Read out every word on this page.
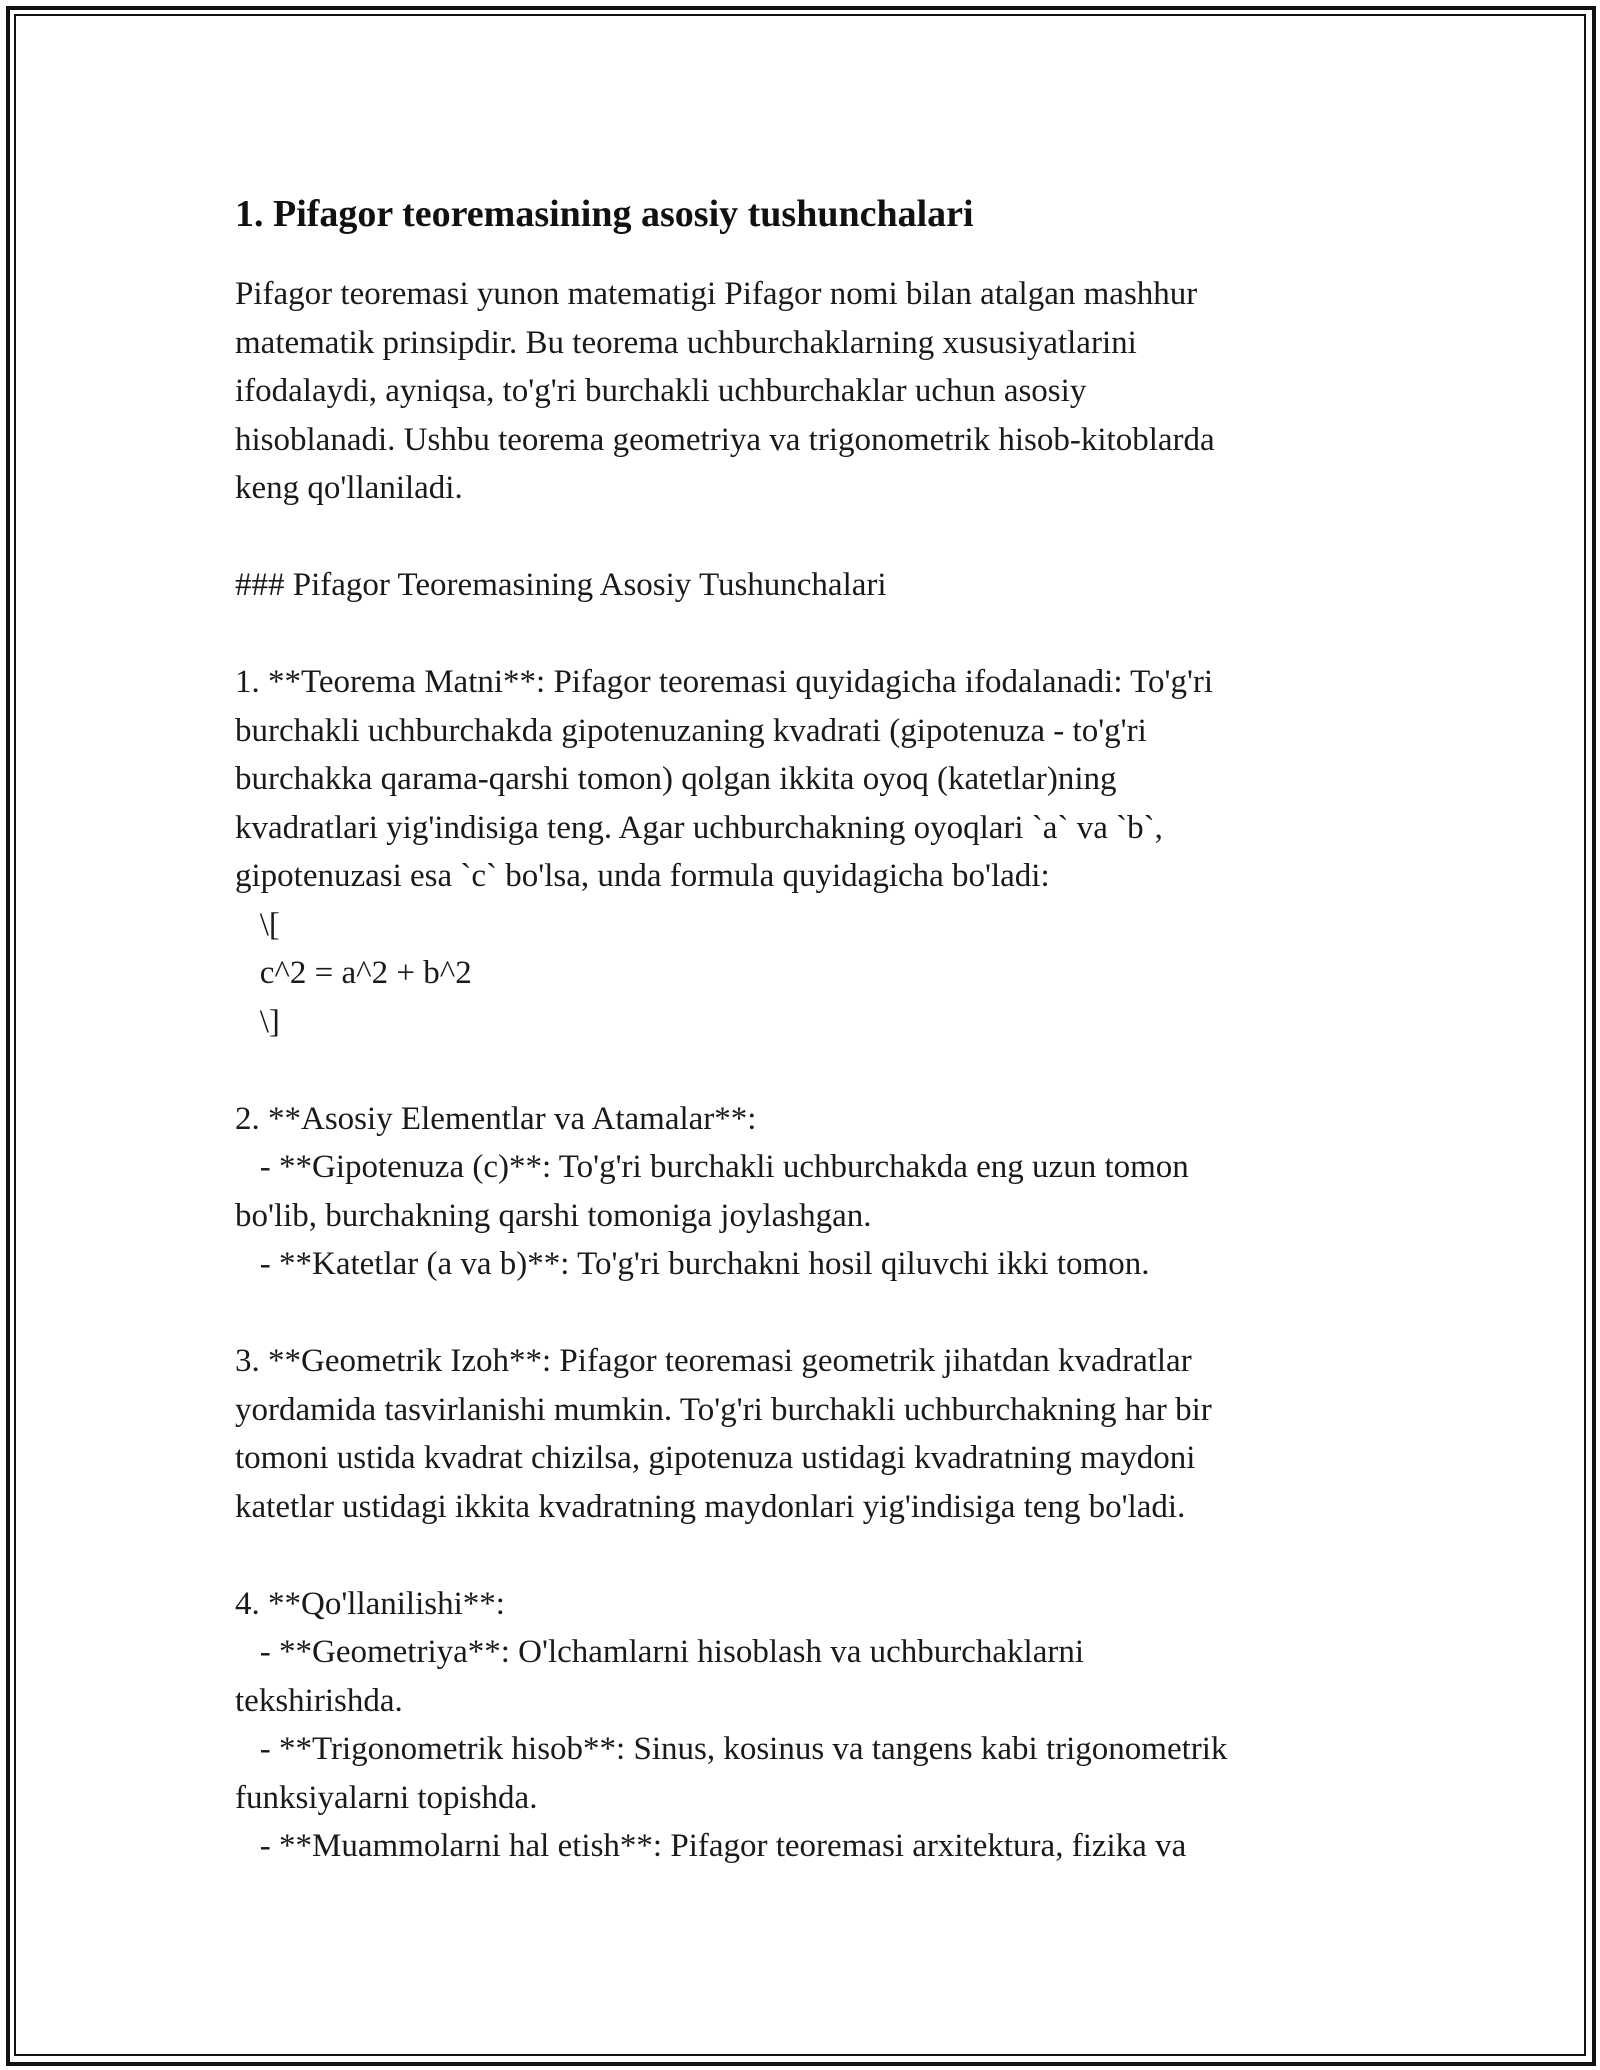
1. Pifagor teoremasining asosiy tushunchalari

Pifagor teoremasi yunon matematigi Pifagor nomi bilan atalgan mashhur
matematik prinsipdir. Bu teorema uchburchaklarning xususiyatlarini
ifodalaydi, ayniqsa, to'g'ri burchakli uchburchaklar uchun asosiy
hisoblanadi. Ushbu teorema geometriya va trigonometrik hisob-kitoblarda
keng qo'llaniladi.

### Pifagor Teoremasining Asosiy Tushunchalari

1. **Teorema Matni**: Pifagor teoremasi quyidagicha ifodalanadi: To'g'ri
burchakli uchburchakda gipotenuzaning kvadrati (gipotenuza - to'g'ri
burchakka qarama-qarshi tomon) qolgan ikkita oyoq (katetlar)ning
kvadratlari yig'indisiga teng. Agar uchburchakning oyoqlari `a` va `b`,
gipotenuzasi esa `c` bo'lsa, unda formula quyidagicha bo'ladi:
\[
c^2 = a^2 + b^2
\]

2. **Asosiy Elementlar va Atamalar**:
- **Gipotenuza (c)**: To'g'ri burchakli uchburchakda eng uzun tomon
bo'lib, burchakning qarshi tomoniga joylashgan.
- **Katetlar (a va b)**: To'g'ri burchakni hosil qiluvchi ikki tomon.

3. **Geometrik Izoh**: Pifagor teoremasi geometrik jihatdan kvadratlar
yordamida tasvirlanishi mumkin. To'g'ri burchakli uchburchakning har bir
tomoni ustida kvadrat chizilsa, gipotenuza ustidagi kvadratning maydoni
katetlar ustidagi ikkita kvadratning maydonlari yig'indisiga teng bo'ladi.

4. **Qo'llanilishi**:
- **Geometriya**: O'lchamlarni hisoblash va uchburchaklarni
tekshirishda.
- **Trigonometrik hisob**: Sinus, kosinus va tangens kabi trigonometrik
funksiyalarni topishda.
- **Muammolarni hal etish**: Pifagor teoremasi arxitektura, fizika va
